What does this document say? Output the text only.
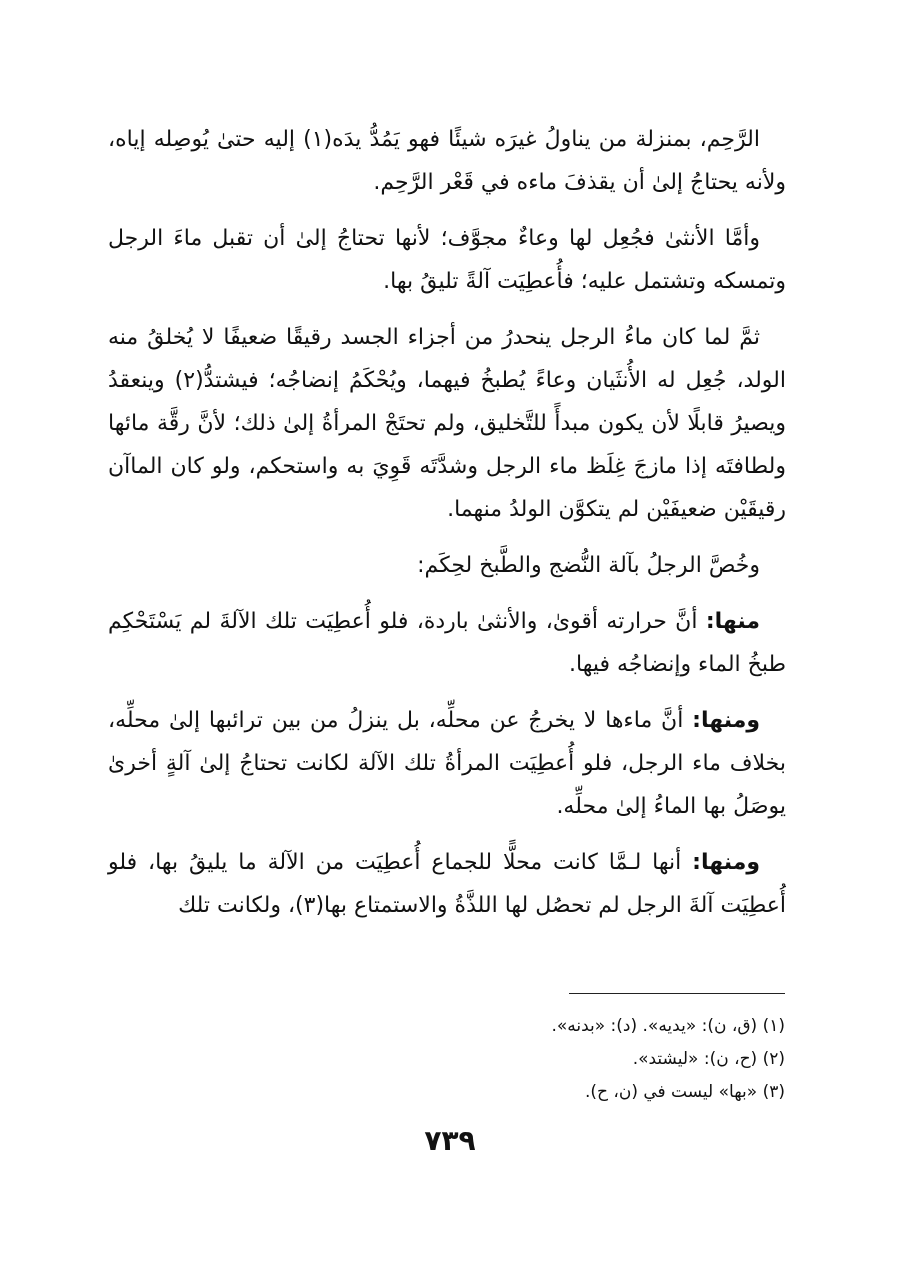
الرَّحِم، بمنزلة من يناولُ غيرَه شيئًا فهو يَمُدُّ يدَه(١) إليه حتىٰ يُوصِله إياه، ولأنه يحتاجُ إلىٰ أن يقذفَ ماءه في قَعْر الرَّحِم.

وأمَّا الأنثىٰ فجُعِل لها وعاءٌ مجوَّف؛ لأنها تحتاجُ إلىٰ أن تقبل ماءَ الرجل وتمسكه وتشتمل عليه؛ فأُعطِيَت آلةً تليقُ بها.

ثمَّ لما كان ماءُ الرجل ينحدرُ من أجزاء الجسد رقيقًا ضعيفًا لا يُخلقُ منه الولد، جُعِل له الأُنثَيان وعاءً يُطبخُ فيهما، ويُحْكَمُ إنضاجُه؛ فيشتدُّ(٢) وينعقدُ ويصيرُ قابلًا لأن يكون مبدأً للتَّخليق، ولم تحتَجْ المرأةُ إلىٰ ذلك؛ لأنَّ رقَّة مائها ولطافتَه إذا مازجَ غِلَظ ماء الرجل وشدَّتَه قَوِيَ به واستحكم، ولو كان الماآن رقيقَيْن ضعيفَيْن لم يتكوَّن الولدُ منهما.

وخُصَّ الرجلُ بآلة النُّضج والطَّبخ لحِكَم:

منها: أنَّ حرارته أقوىٰ، والأنثىٰ باردة، فلو أُعطِيَت تلك الآلةَ لم يَسْتَحْكِم طبخُ الماء وإنضاجُه فيها.

ومنها: أنَّ ماءها لا يخرجُ عن محلِّه، بل ينزلُ من بين ترائبها إلىٰ محلِّه، بخلاف ماء الرجل، فلو أُعطِيَت المرأةُ تلك الآلة لكانت تحتاجُ إلىٰ آلةٍ أخرىٰ يوصَلُ بها الماءُ إلىٰ محلِّه.

ومنها: أنها لـمَّا كانت محلًّا للجماع أُعطِيَت من الآلة ما يليقُ بها، فلو أُعطِيَت آلةَ الرجل لم تحصُل لها اللذَّةُ والاستمتاع بها(٣)، ولكانت تلك

(١) (ق، ن): «يديه». (د): «بدنه».

(٢) (ح، ن): «ليشتد».

(٣) «بها» ليست في (ن، ح).

٧٣٩
